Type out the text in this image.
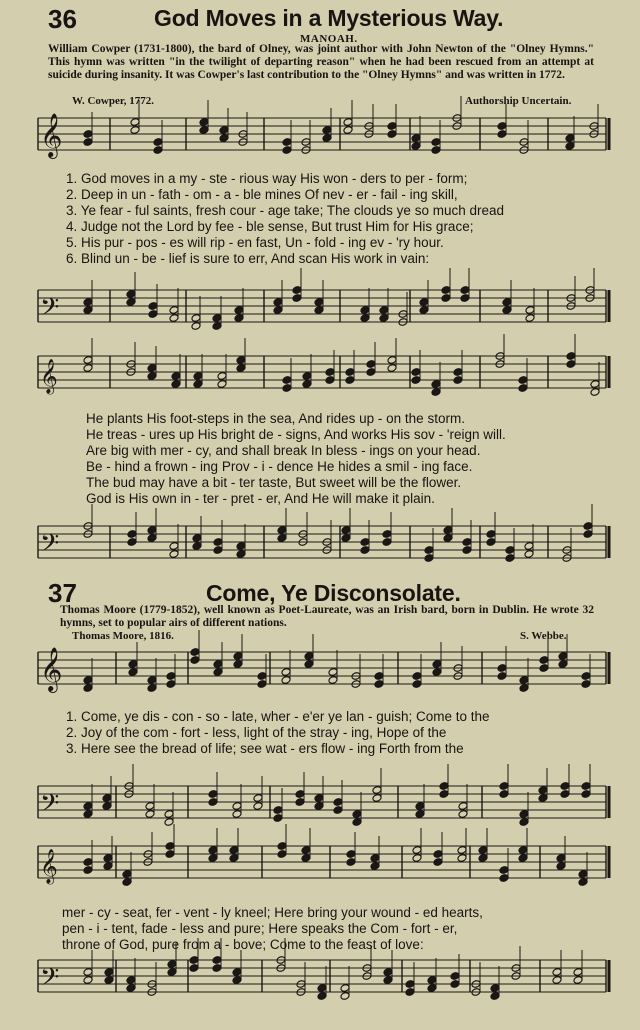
𝄞
𝄢
𝄞
𝄢
𝄞
𝄢
𝄞
𝄢
36	God Moves in a Mysterious Way.
MANOAH.
William Cowper (1731-1800), the bard of Olney, was joint author with John Newton of the "Olney Hymns." This hymn was written "in the twilight of departing reason" when he had been rescued from an attempt at suicide during insanity. It was Cowper's last contribution to the "Olney Hymns" and was written in 1772.
W. Cowper, 1772.	Authorship Uncertain.
1. God moves in a my - ste - rious way His won - ders to per - form;
2. Deep in un - fath - om - a - ble mines Of nev - er - fail - ing skill,
3. Ye fear - ful saints, fresh cour - age take; The clouds ye so much dread
4. Judge not the Lord by fee - ble sense, But trust Him for His grace;
5. His pur - pos - es will rip - en fast, Un - fold - ing ev - 'ry hour.
6. Blind un - be - lief is sure to err, And scan His work in vain:
He plants His foot-steps in the sea, And rides up - on the storm.
He treas - ures up His bright de - signs, And works His sov - 'reign will.
Are big with mer - cy, and shall break In bless - ings on your head.
Be - hind a frown - ing Prov - i - dence He hides a smil - ing face.
The bud may have a bit - ter taste, But sweet will be the flower.
God is His own in - ter - pret - er, And He will make it plain.
37	Come, Ye Disconsolate.
Thomas Moore (1779-1852), well known as Poet-Laureate, was an Irish bard, born in Dublin. He wrote 32 hymns, set to popular airs of different nations.
Thomas Moore, 1816.	S. Webbe.
1. Come, ye dis - con - so - late, wher - e'er ye lan - guish; Come to the
2. Joy of the com - fort - less, light of the stray - ing, Hope of the
3. Here see the bread of life; see wat - ers flow - ing Forth from the
mer - cy - seat, fer - vent - ly kneel; Here bring your wound - ed hearts,
pen - i - tent, fade - less and pure; Here speaks the Com - fort - er,
throne of God, pure from a - bove; Come to the feast of love:
